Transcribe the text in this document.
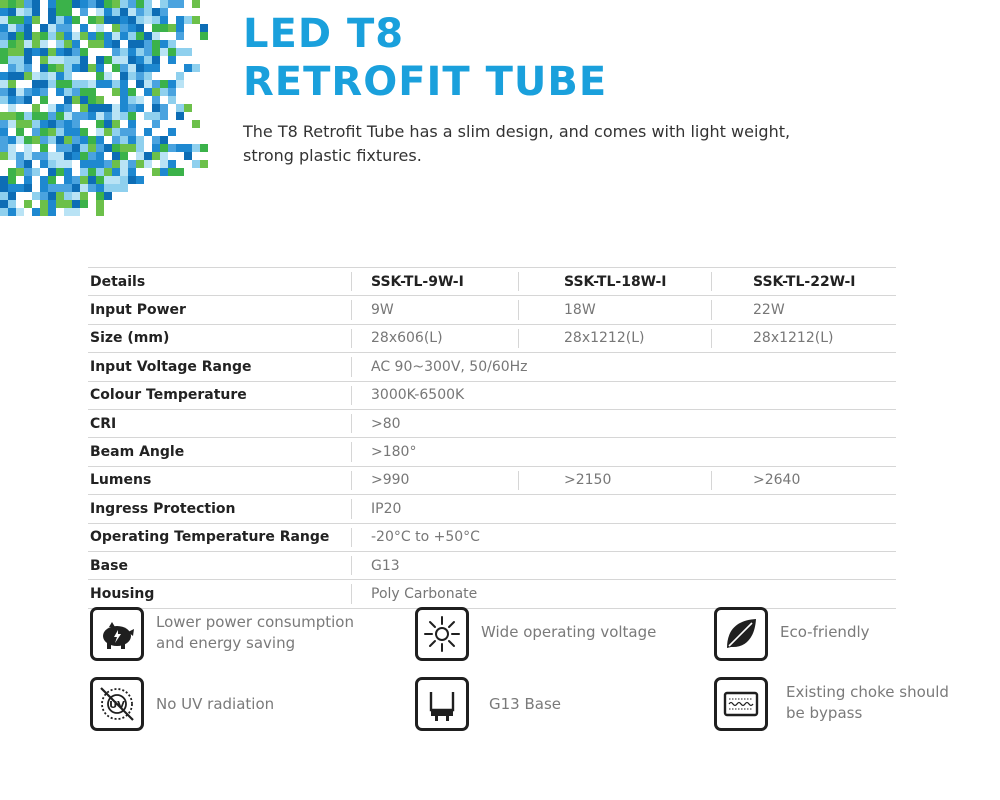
LED T8
RETROFIT TUBE

The T8 Retrofit Tube has a slim design, and comes with light weight,
strong plastic fixtures.

Details	SSK-TL-9W-I	SSK-TL-18W-I	SSK-TL-22W-I
Input Power	9W	18W	22W
Size (mm)	28x606(L)	28x1212(L)	28x1212(L)
Input Voltage Range	AC 90~300V, 50/60Hz
Colour Temperature	3000K-6500K
CRI	>80
Beam Angle	>180°
Lumens	>990	>2150	>2640
Ingress Protection	IP20
Operating Temperature Range	-20°C to +50°C
Base	G13
Housing	Poly Carbonate
Lower power consumption
and energy saving
Wide operating voltage	Eco-friendly
UV No UV radiation	G13 Base
Existing choke should
be bypass
